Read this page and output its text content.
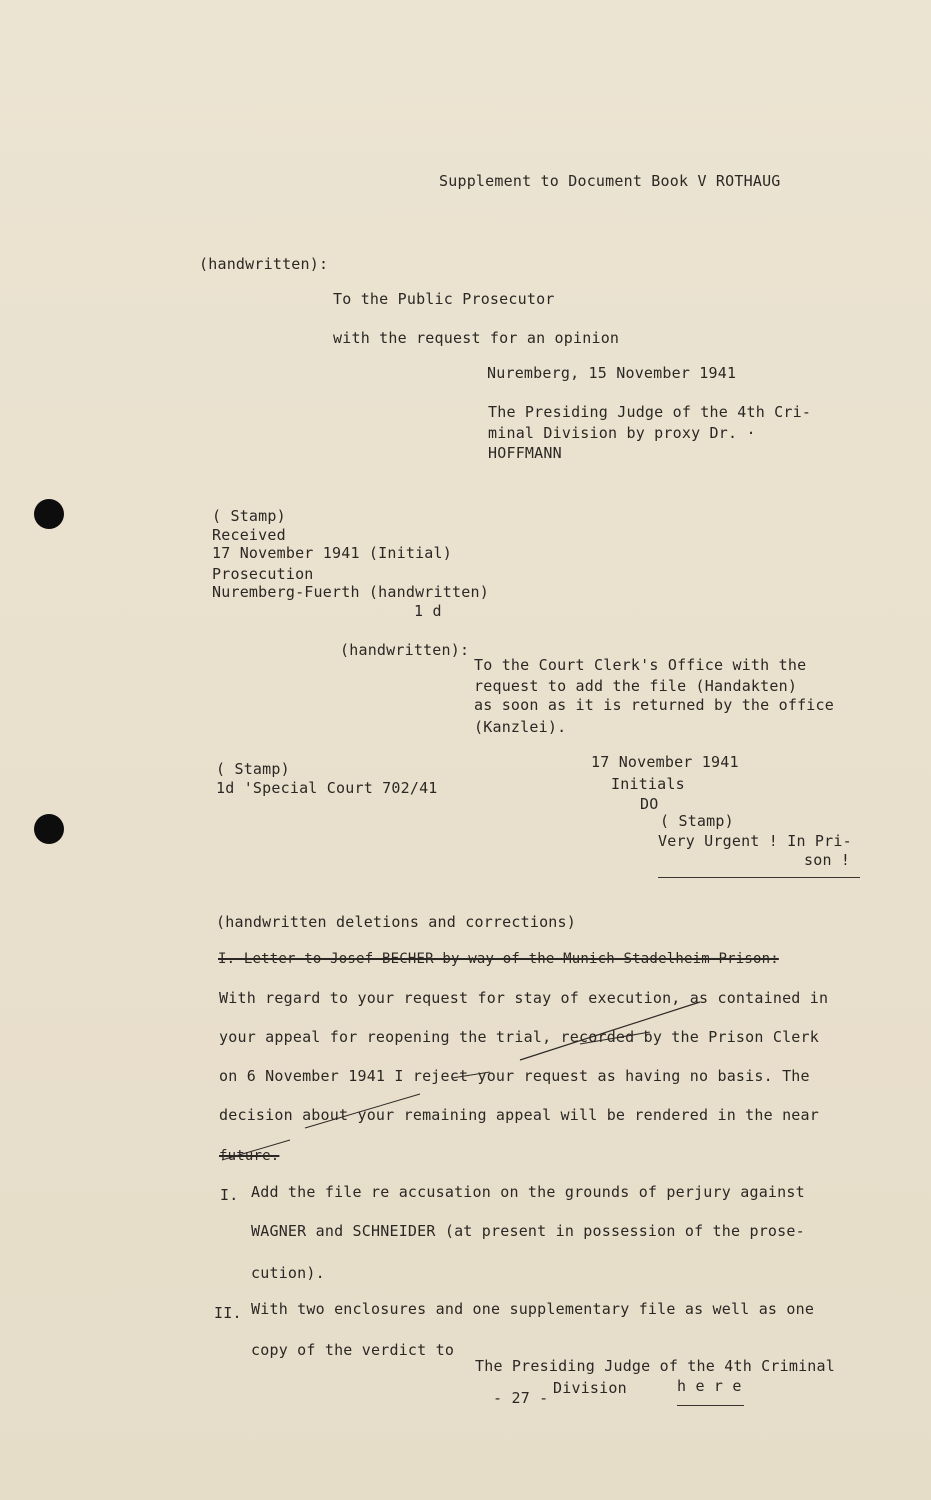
Supplement to Document Book V ROTHAUG
(handwritten):
To the Public Prosecutor
with the request for an opinion
Nuremberg, 15 November 1941
The Presiding Judge of the 4th Cri-
minal Division by proxy Dr. ·
HOFFMANN
( Stamp)
Received
17 November 1941 (Initial)
Prosecution
Nuremberg-Fuerth (handwritten)
1 d
(handwritten):
To the Court Clerk's Office with the
request to add the file (Handakten)
as soon as it is returned by the office
(Kanzlei).
( Stamp)
1d 'Special Court 702/41
17 November 1941
Initials
DO
( Stamp)
Very Urgent ! In Pri-
son !
(handwritten deletions and corrections)
I. Letter to Josef BECHER by way of the Munich-Stadelheim-Prison:
With regard to your request for stay of execution, as contained in
your appeal for reopening the trial, recorded by the Prison Clerk
on 6 November 1941 I reject your request as having no basis. The
decision about your remaining appeal will be rendered in the near
future.
I. Add the file re accusation on the grounds of perjury against
WAGNER and SCHNEIDER (at present in possession of the prose-
cution).
II. With two enclosures and one supplementary file as well as one
copy of the verdict to
The Presiding Judge of the 4th Criminal
Division	h e r e
- 27 -
